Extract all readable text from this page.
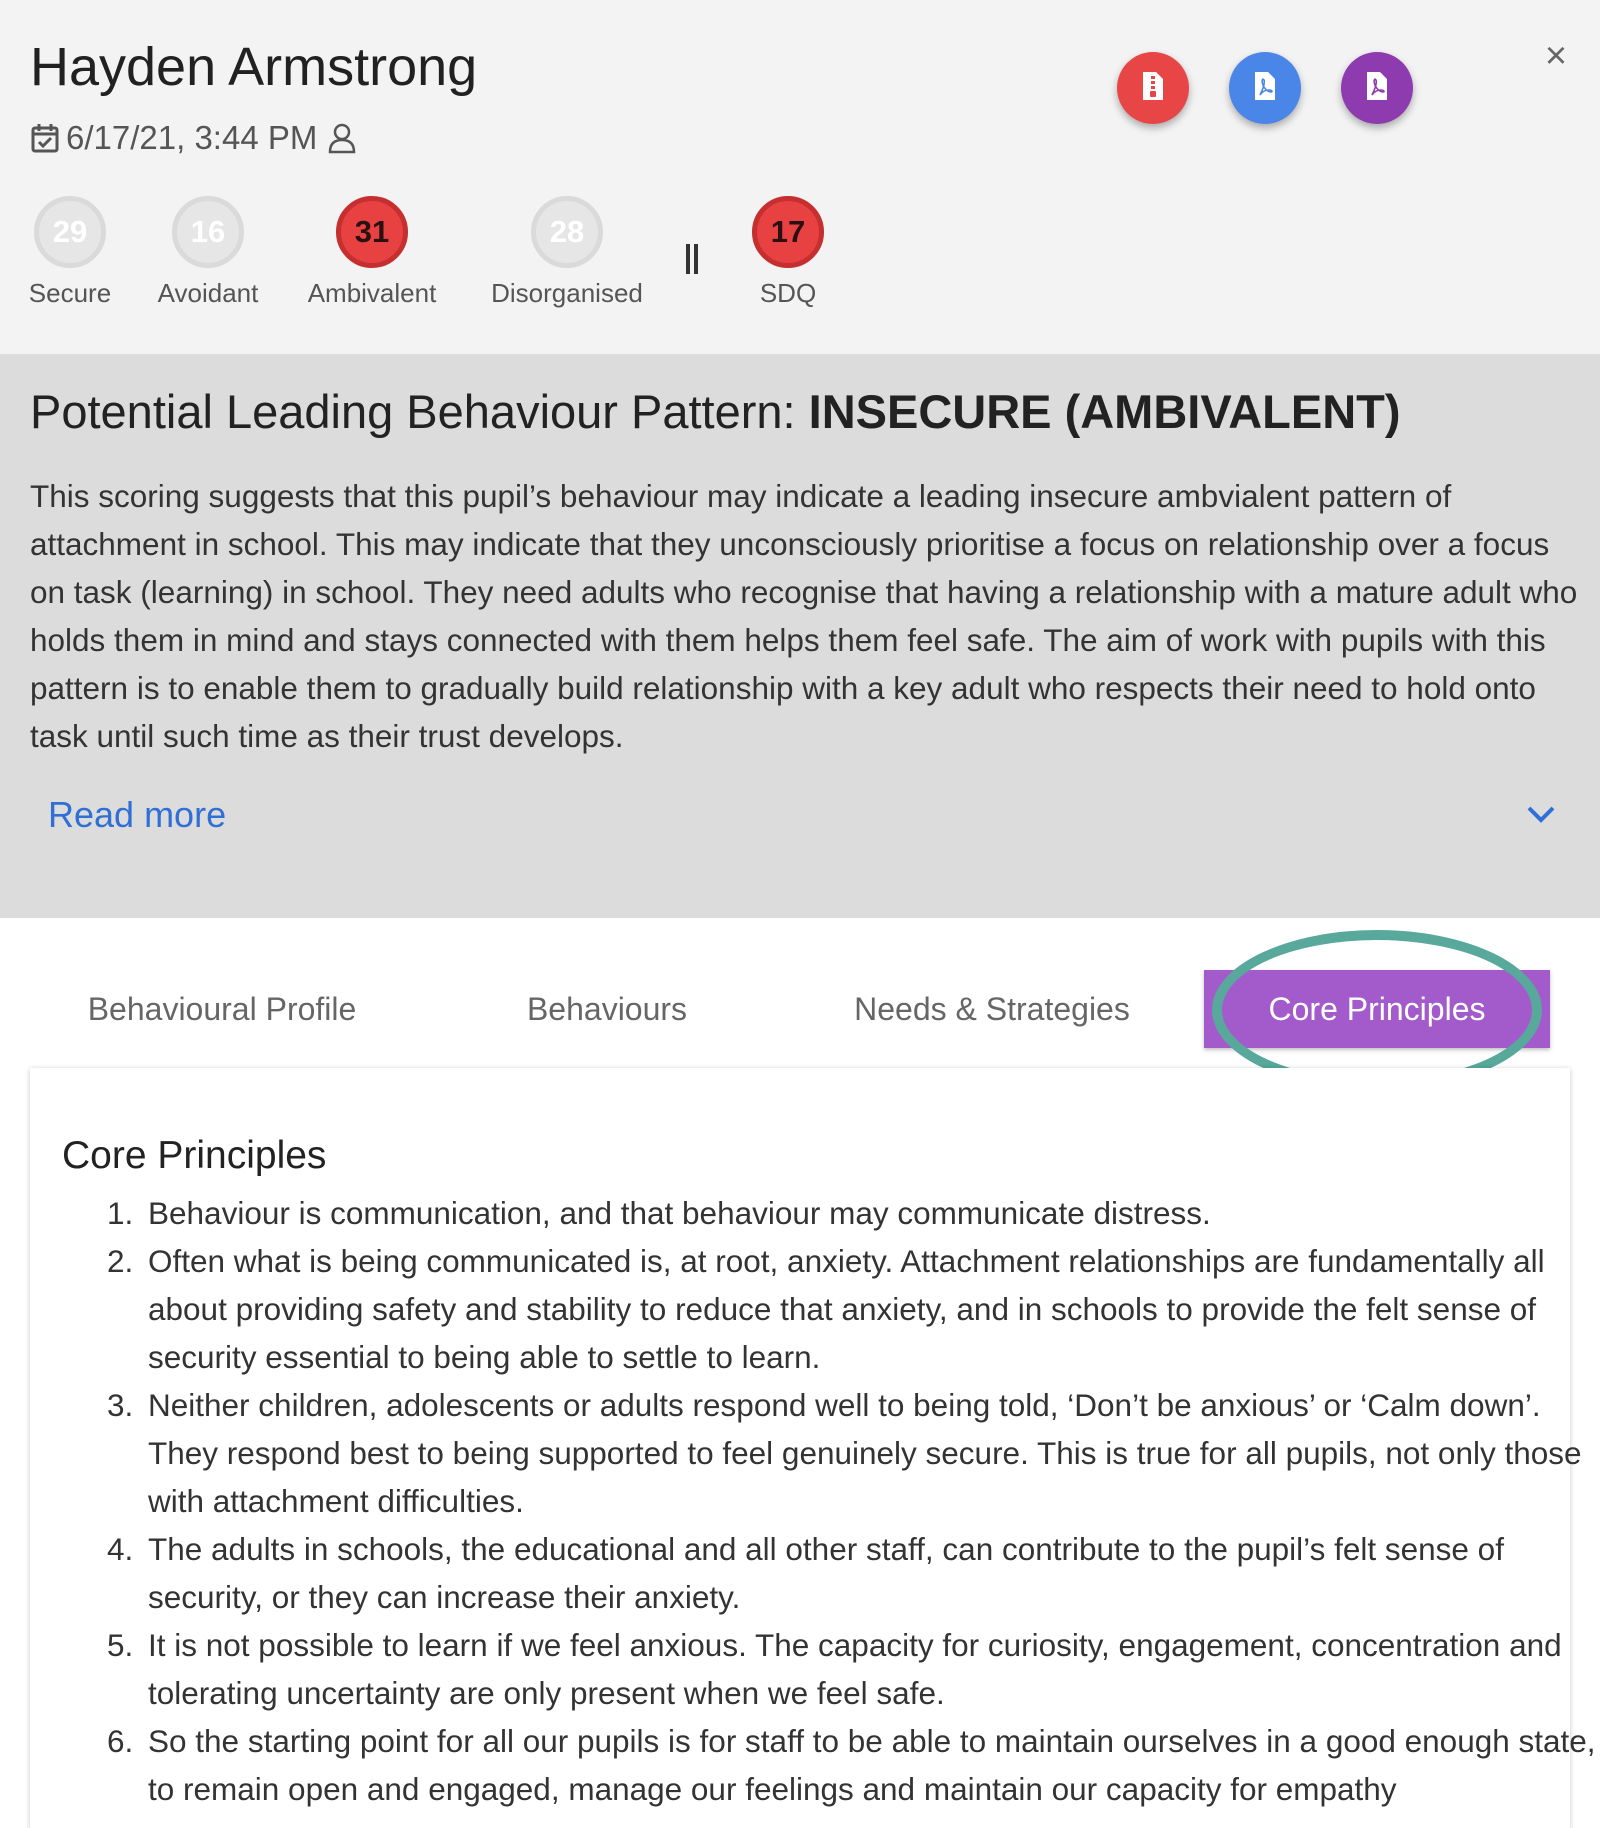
Hayden Armstrong
6/17/21, 3:44 PM
×
29
Secure
16
Avoidant
31
Ambivalent
28
Disorganised
17
SDQ
Potential Leading Behaviour Pattern: INSECURE (AMBIVALENT)

This scoring suggests that this pupil’s behaviour may indicate a leading insecure ambvialent pattern of attachment in school. This may indicate that they unconsciously prioritise a focus on relationship over a focus on task (learning) in school. They need adults who recognise that having a relationship with a mature adult who holds them in mind and stays connected with them helps them feel safe. The aim of work with pupils with this pattern is to enable them to gradually build relationship with a key adult who respects their need to hold onto task until such time as their trust develops.

Read more
Behavioural Profile	Behaviours	Needs & Strategies	Core Principles
Core Principles
1. Behaviour is communication, and that behaviour may communicate distress.
2. Often what is being communicated is, at root, anxiety. Attachment relationships are fundamentally all about providing safety and stability to reduce that anxiety, and in schools to provide the felt sense of security essential to being able to settle to learn.
3. Neither children, adolescents or adults respond well to being told, ‘Don’t be anxious’ or ‘Calm down’. They respond best to being supported to feel genuinely secure. This is true for all pupils, not only those with attachment difficulties.
4. The adults in schools, the educational and all other staff, can contribute to the pupil’s felt sense of security, or they can increase their anxiety.
5. It is not possible to learn if we feel anxious. The capacity for curiosity, engagement, concentration and tolerating uncertainty are only present when we feel safe.
6. So the starting point for all our pupils is for staff to be able to maintain ourselves in a good enough state, to remain open and engaged, manage our feelings and maintain our capacity for empathy
